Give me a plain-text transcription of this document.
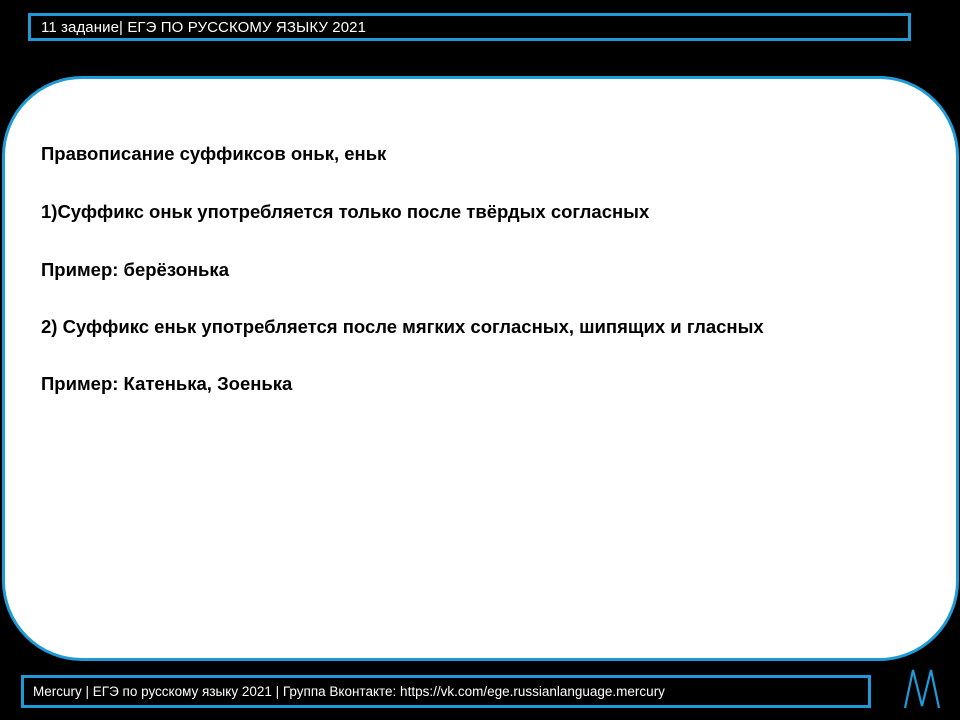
11 задание| ЕГЭ ПО РУССКОМУ ЯЗЫКУ 2021
Правописание суффиксов оньк, еньк
1)Суффикс оньк употребляется только после твёрдых согласных
Пример: берёзонька
2) Суффикс еньк употребляется после мягких согласных, шипящих и гласных
Пример: Катенька, Зоенька
Mercury | ЕГЭ по русскому языку 2021 | Группа Вконтакте: https://vk.com/ege.russianlanguage.mercury
